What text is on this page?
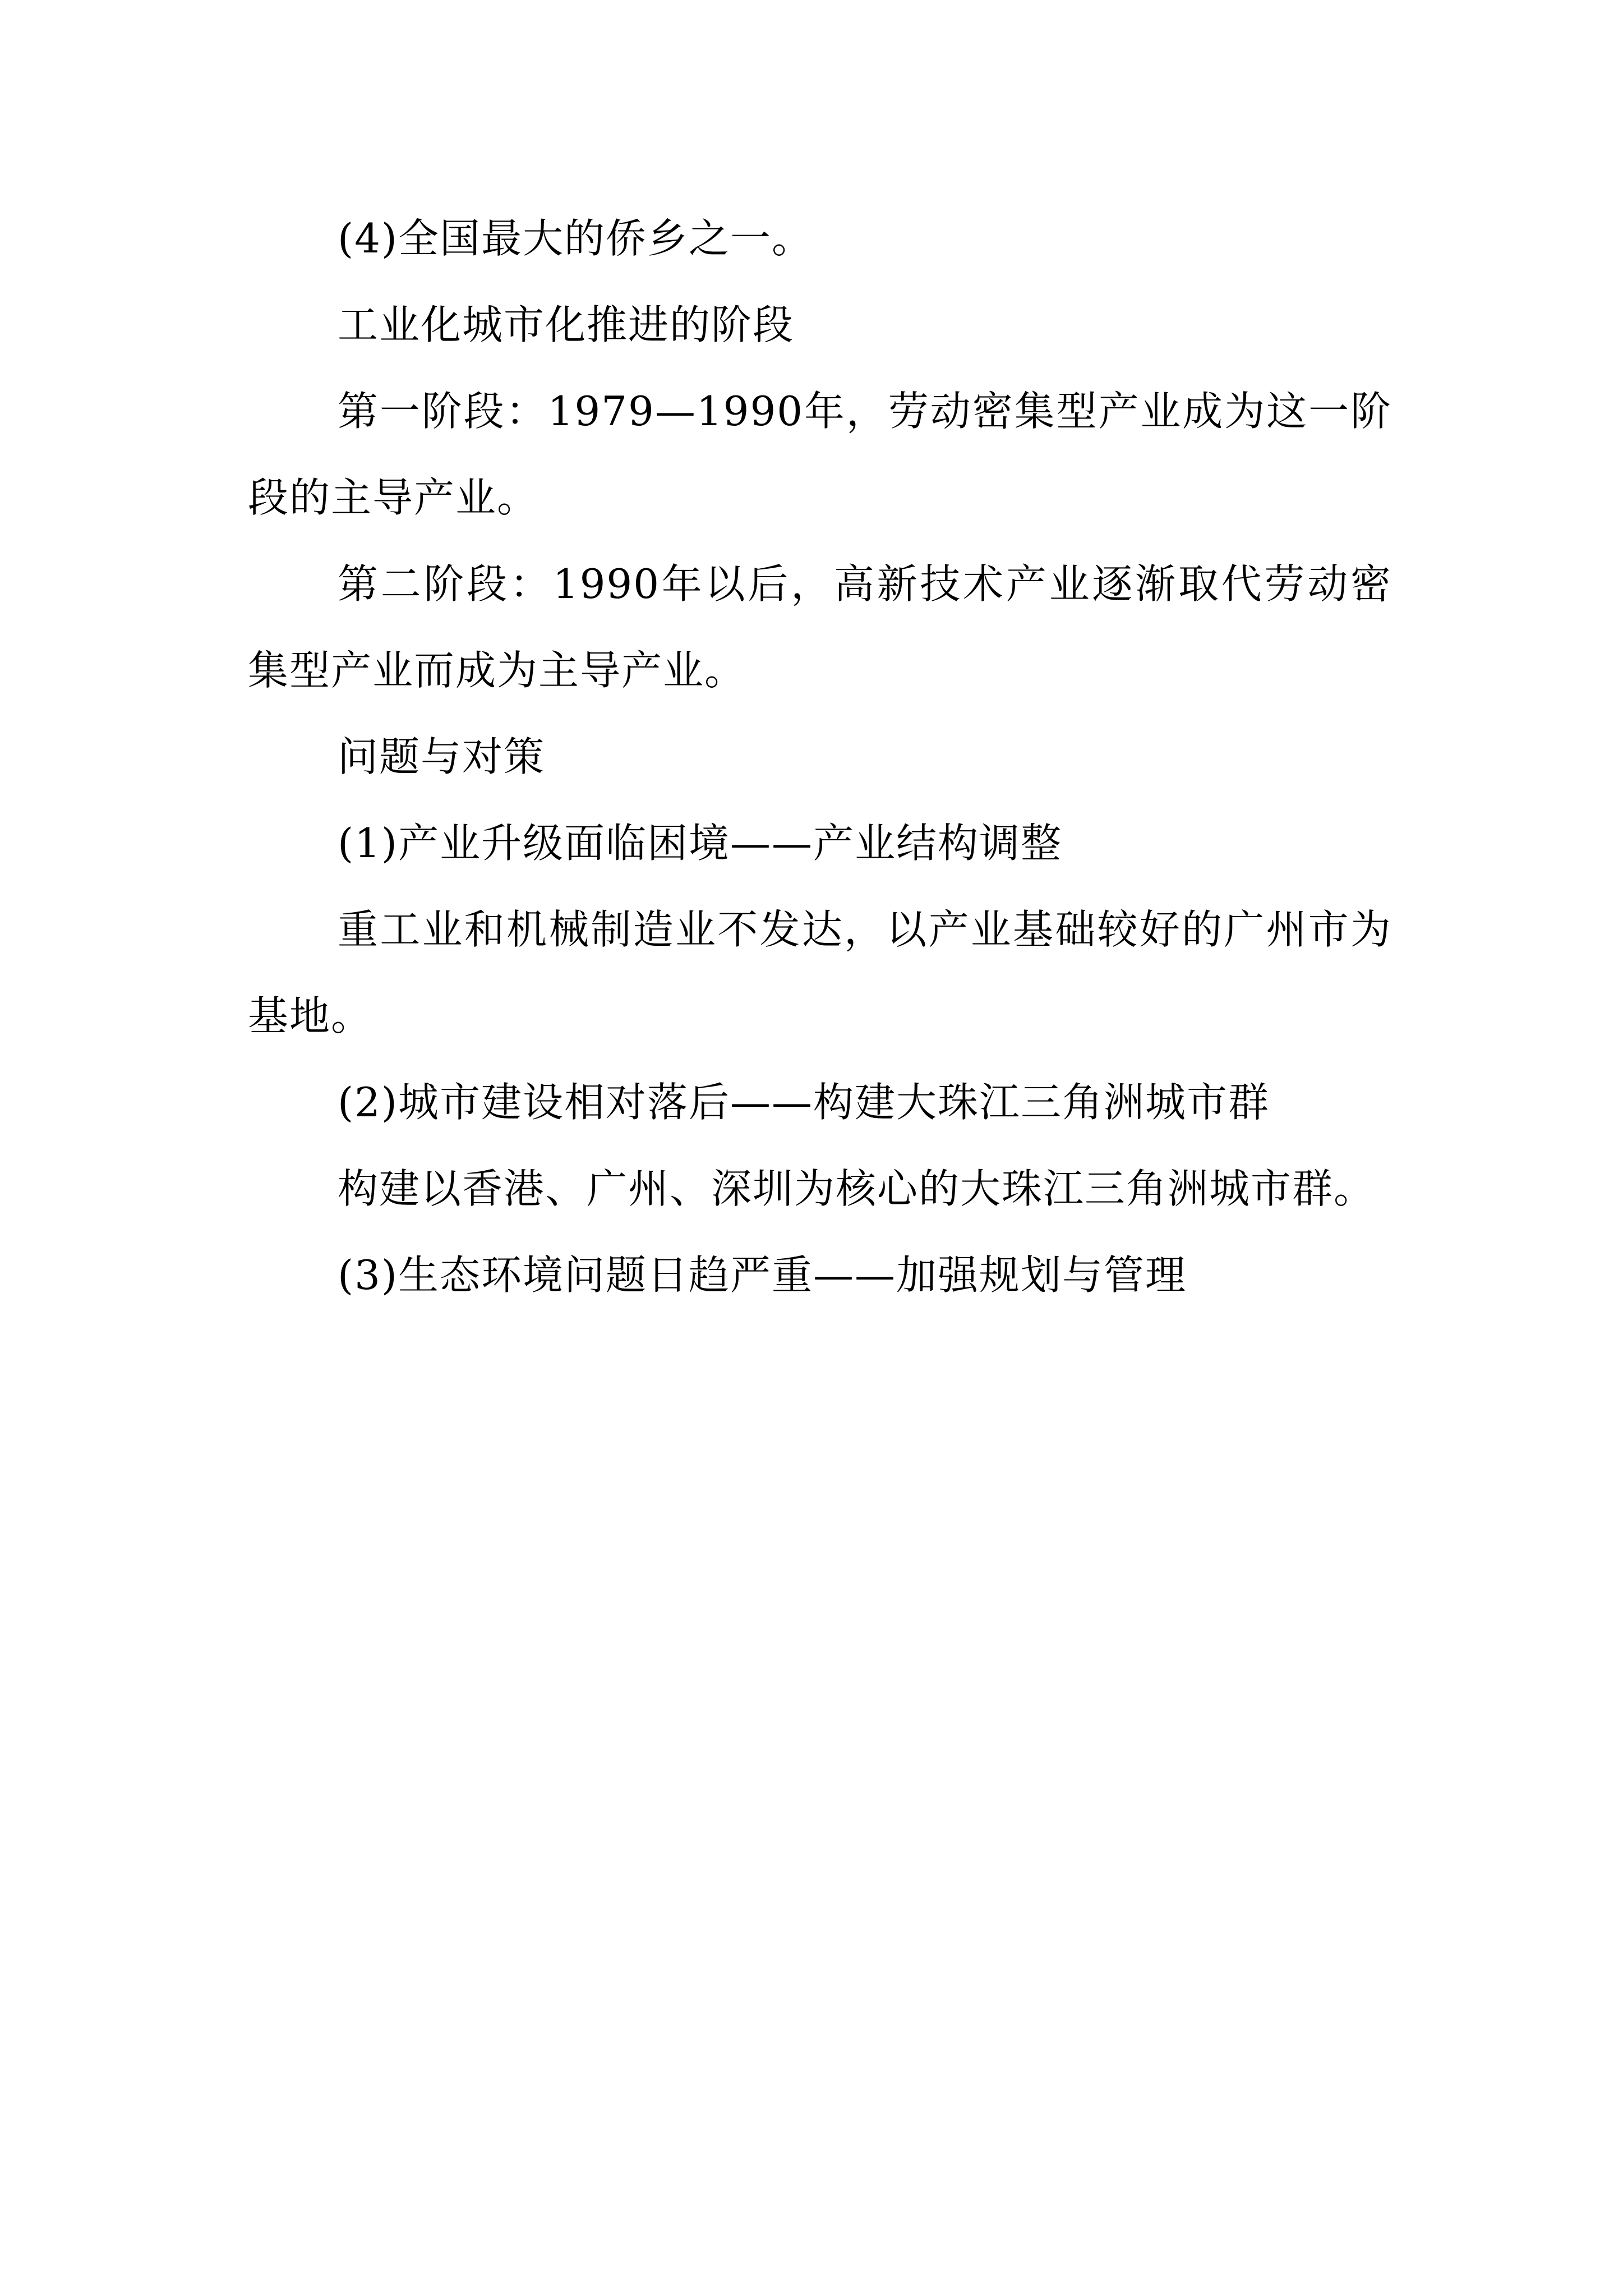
(4)全国最大的侨乡之一。

工业化城市化推进的阶段

第一阶段：1979—1990年，劳动密集型产业成为这一阶段的主导产业。

第二阶段：1990年以后，高新技术产业逐渐取代劳动密集型产业而成为主导产业。

问题与对策

(1)产业升级面临困境——产业结构调整

重工业和机械制造业不发达，以产业基础较好的广州市为基地。

(2)城市建设相对落后——构建大珠江三角洲城市群

构建以香港、广州、深圳为核心的大珠江三角洲城市群。

(3)生态环境问题日趋严重——加强规划与管理
